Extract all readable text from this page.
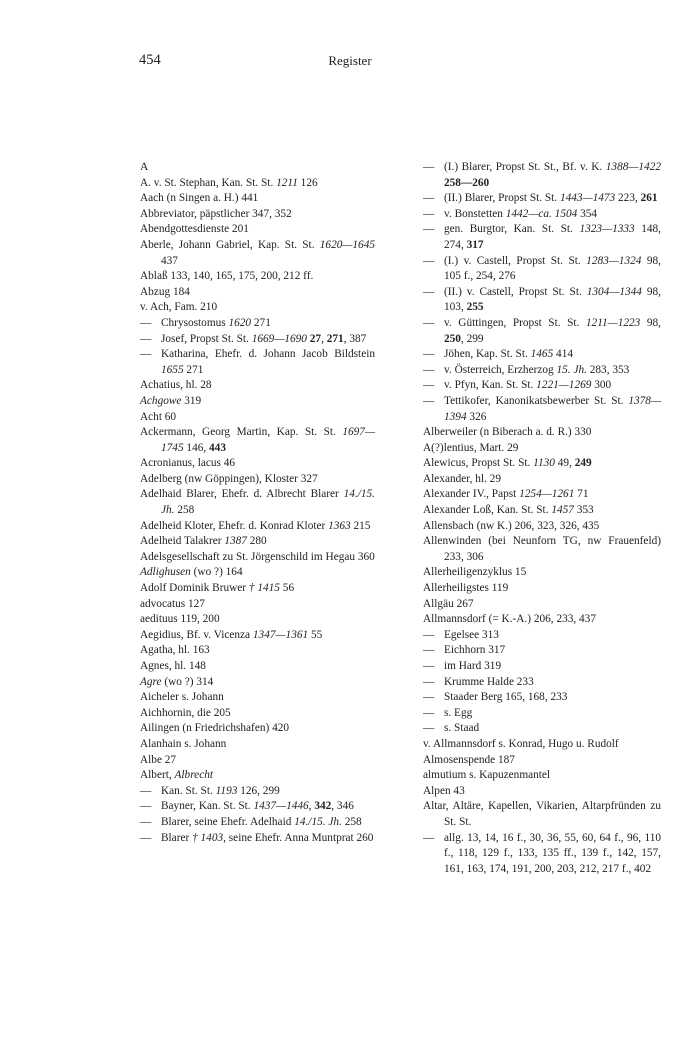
454	Register
A
A. v. St. Stephan, Kan. St. St. 1211 126
Aach (n Singen a. H.) 441
Abbreviator, päpstlicher 347, 352
Abendgottesdienste 201
Aberle, Johann Gabriel, Kap. St. St. 1620—1645 437
Ablaß 133, 140, 165, 175, 200, 212 ff.
Abzug 184
v. Ach, Fam. 210
— Chrysostomus 1620 271
— Josef, Propst St. St. 1669—1690 27, 271, 387
— Katharina, Ehefr. d. Johann Jacob Bildstein 1655 271
Achatius, hl. 28
Achgowe 319
Acht 60
Ackermann, Georg Martin, Kap. St. St. 1697—1745 146, 443
Acronianus, lacus 46
Adelberg (nw Göppingen), Kloster 327
Adelhaid Blarer, Ehefr. d. Albrecht Blarer 14./15. Jh. 258
Adelheid Kloter, Ehefr. d. Konrad Kloter 1363 215
Adelheid Talakrer 1387 280
Adelsgesellschaft zu St. Jörgenschild im Hegau 360
Adlighusen (wo ?) 164
Adolf Dominik Bruwer † 1415 56
advocatus 127
aedituus 119, 200
Aegidius, Bf. v. Vicenza 1347—1361 55
Agatha, hl. 163
Agnes, hl. 148
Agre (wo ?) 314
Aicheler s. Johann
Aichhornin, die 205
Ailingen (n Friedrichshafen) 420
Alanhain s. Johann
Albe 27
Albert, Albrecht
— Kan. St. St. 1193 126, 299
— Bayner, Kan. St. St. 1437—1446, 342, 346
— Blarer, seine Ehefr. Adelhaid 14./15. Jh. 258
— Blarer † 1403, seine Ehefr. Anna Muntprat 260
— (I.) Blarer, Propst St. St., Bf. v. K. 1388—1422 258—260
— (II.) Blarer, Propst St. St. 1443—1473 223, 261
— v. Bonstetten 1442—ca. 1504 354
— gen. Burgtor, Kan. St. St. 1323—1333 148, 274, 317
— (I.) v. Castell, Propst St. St. 1283—1324 98, 105 f., 254, 276
— (II.) v. Castell, Propst St. St. 1304—1344 98, 103, 255
— v. Güttingen, Propst St. St. 1211—1223 98, 250, 299
— Jöhen, Kap. St. St. 1465 414
— v. Österreich, Erzherzog 15. Jh. 283, 353
— v. Pfyn, Kan. St. St. 1221—1269 300
— Tettikofer, Kanonikatsbewerber St. St. 1378—1394 326
Alberweiler (n Biberach a. d. R.) 330
A(?)lentius, Mart. 29
Alewicus, Propst St. St. 1130 49, 249
Alexander, hl. 29
Alexander IV., Papst 1254—1261 71
Alexander Loß, Kan. St. St. 1457 353
Allensbach (nw K.) 206, 323, 326, 435
Allenwinden (bei Neunforn TG, nw Frauenfeld) 233, 306
Allerheiligenzyklus 15
Allerheiligstes 119
Allgäu 267
Allmannsdorf (= K.-A.) 206, 233, 437
— Egelsee 313
— Eichhorn 317
— im Hard 319
— Krumme Halde 233
— Staader Berg 165, 168, 233
— s. Egg
— s. Staad
v. Allmannsdorf s. Konrad, Hugo u. Rudolf
Almosenspende 187
almutium s. Kapuzenmantel
Alpen 43
Altar, Altäre, Kapellen, Vikarien, Altarpfründen zu St. St.
— allg. 13, 14, 16 f., 30, 36, 55, 60, 64 f., 96, 110 f., 118, 129 f., 133, 135 ff., 139 f., 142, 157, 161, 163, 174, 191, 200, 203, 212, 217 f., 402
